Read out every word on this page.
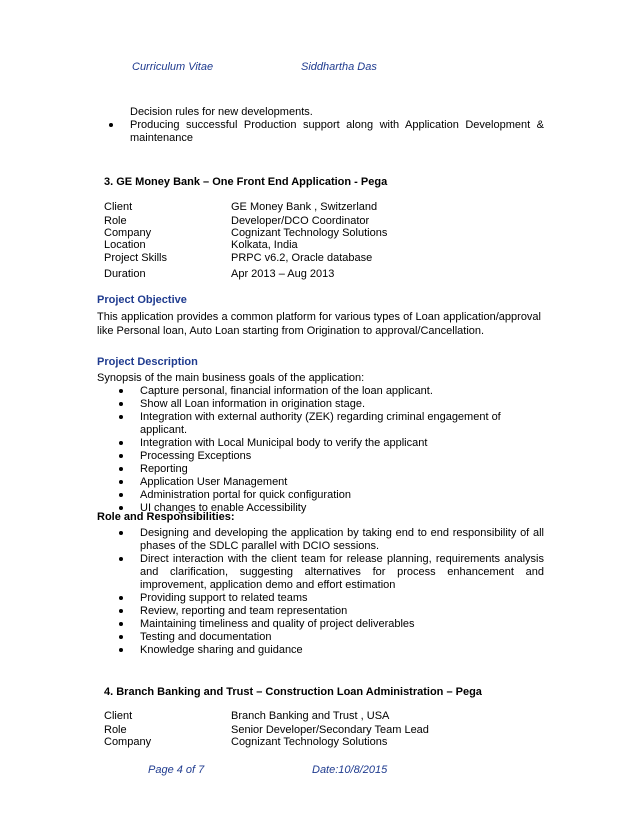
Curriculum Vitae	Siddhartha Das
Decision rules for new developments.
Producing successful Production support along with Application Development & maintenance
3. GE Money Bank – One Front End Application - Pega
Client	GE Money Bank , Switzerland
Role	Developer/DCO Coordinator
Company	Cognizant Technology Solutions
Location	Kolkata, India
Project Skills	PRPC v6.2, Oracle database
Duration	Apr 2013 – Aug 2013
Project Objective
This application provides a common platform for various types of Loan application/approval like Personal loan, Auto Loan starting from Origination to approval/Cancellation.
Project Description
Synopsis of the main business goals of the application:
Capture personal, financial information of the loan applicant.
Show all Loan information in origination stage.
Integration with external authority (ZEK) regarding criminal engagement of applicant.
Integration with Local Municipal body to verify the applicant
Processing Exceptions
Reporting
Application User Management
Administration portal for quick configuration
UI changes to enable Accessibility
Role and Responsibilities:
Designing and developing the application by taking end to end responsibility of all phases of the SDLC parallel with DCIO sessions.
Direct interaction with the client team for release planning, requirements analysis and clarification, suggesting alternatives for process enhancement and improvement, application demo and effort estimation
Providing support to related teams
Review, reporting and team representation
Maintaining timeliness and quality of project deliverables
Testing and documentation
Knowledge sharing and guidance
4. Branch Banking and Trust – Construction Loan Administration – Pega
Client	Branch Banking and Trust , USA
Role	Senior Developer/Secondary Team Lead
Company	Cognizant Technology Solutions
Page 4 of 7	Date:10/8/2015
